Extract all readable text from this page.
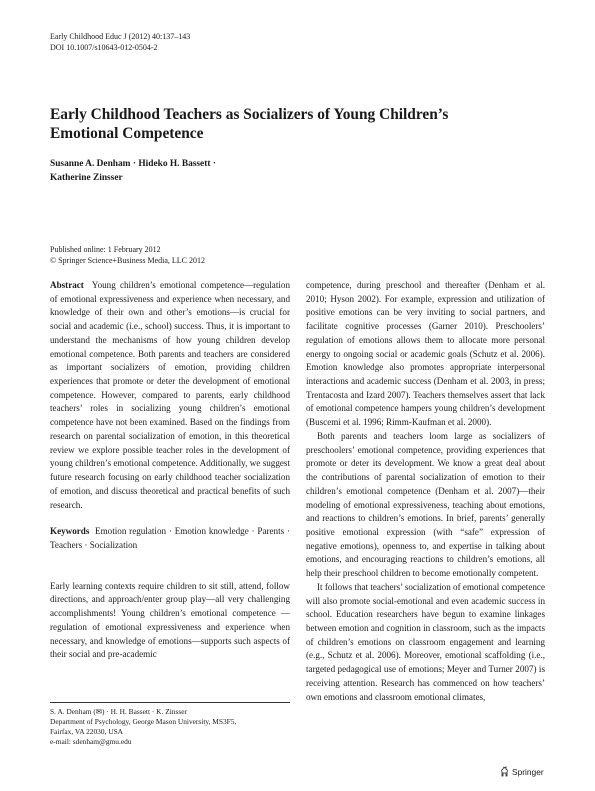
Early Childhood Educ J (2012) 40:137–143
DOI 10.1007/s10643-012-0504-2
Early Childhood Teachers as Socializers of Young Children’s Emotional Competence
Susanne A. Denham · Hideko H. Bassett ·
Katherine Zinsser
Published online: 1 February 2012
© Springer Science+Business Media, LLC 2012

Abstract Young children’s emotional competence—regulation of emotional expressiveness and experience when necessary, and knowledge of their own and other’s emotions—is crucial for social and academic (i.e., school) success. Thus, it is important to understand the mechanisms of how young children develop emotional competence. Both parents and teachers are considered as important socializers of emotion, providing children experiences that promote or deter the development of emotional competence. However, compared to parents, early childhood teachers’ roles in socializing young children’s emotional competence have not been examined. Based on the findings from research on parental socialization of emotion, in this theoretical review we explore possible teacher roles in the development of young children’s emotional competence. Additionally, we suggest future research focusing on early childhood teacher socialization of emotion, and discuss theoretical and practical benefits of such research.

Keywords Emotion regulation · Emotion knowledge · Parents · Teachers · Socialization

Early learning contexts require children to sit still, attend, follow directions, and approach/enter group play—all very challenging accomplishments! Young children’s emotional competence —regulation of emotional expressiveness and experience when necessary, and knowledge of emotions—supports such aspects of their social and pre-academic

competence, during preschool and thereafter (Denham et al. 2010; Hyson 2002). For example, expression and utilization of positive emotions can be very inviting to social partners, and facilitate cognitive processes (Garner 2010). Preschoolers’ regulation of emotions allows them to allocate more personal energy to ongoing social or academic goals (Schutz et al. 2006). Emotion knowledge also promotes appropriate interpersonal interactions and academic success (Denham et al. 2003, in press; Trentacosta and Izard 2007). Teachers themselves assert that lack of emotional competence hampers young children’s development (Buscemi et al. 1996; Rimm-Kaufman et al. 2000).

Both parents and teachers loom large as socializers of preschoolers’ emotional competence, providing experiences that promote or deter its development. We know a great deal about the contributions of parental socialization of emotion to their children’s emotional competence (Denham et al. 2007)—their modeling of emotional expressiveness, teaching about emotions, and reactions to children’s emotions. In brief, parents’ generally positive emotional expression (with “safe” expression of negative emotions), openness to, and expertise in talking about emotions, and encouraging reactions to children’s emotions, all help their preschool children to become emotionally competent.

It follows that teachers’ socialization of emotional competence will also promote social-emotional and even academic success in school. Education researchers have begun to examine linkages between emotion and cognition in classroom, such as the impacts of children’s emotions on classroom engagement and learning (e.g., Schutz et al. 2006). Moreover, emotional scaffolding (i.e., targeted pedagogical use of emotions; Meyer and Turner 2007) is receiving attention. Research has commenced on how teachers’ own emotions and classroom emotional climates,

S. A. Denham (✉) · H. H. Bassett · K. Zinsser

Department of Psychology, George Mason University, MS3F5,

Fairfax, VA 22030, USA

e-mail: sdenham@gmu.edu

Springer
